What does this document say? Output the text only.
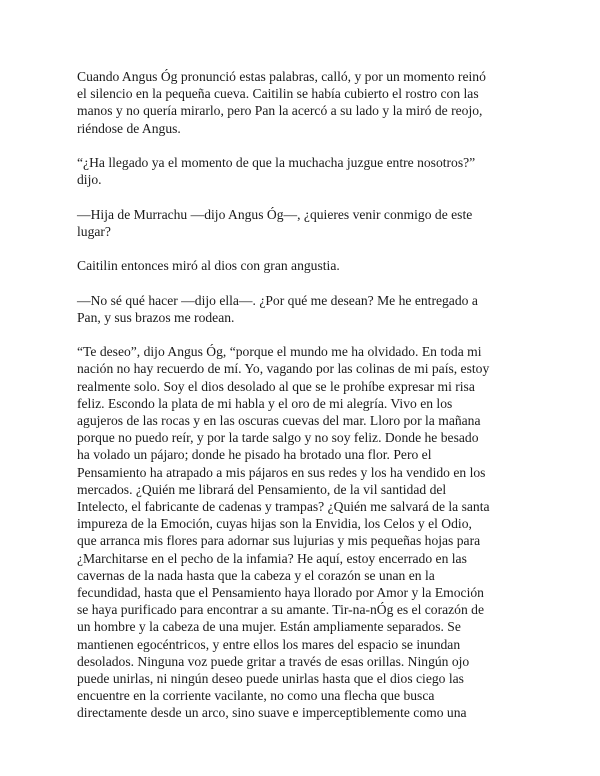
Cuando Angus Óg pronunció estas palabras, calló, y por un momento reinó
el silencio en la pequeña cueva. Caitilin se había cubierto el rostro con las
manos y no quería mirarlo, pero Pan la acercó a su lado y la miró de reojo,
riéndose de Angus.

“¿Ha llegado ya el momento de que la muchacha juzgue entre nosotros?”
dijo.

—Hija de Murrachu —dijo Angus Óg—, ¿quieres venir conmigo de este
lugar?

Caitilin entonces miró al dios con gran angustia.

—No sé qué hacer —dijo ella—. ¿Por qué me desean? Me he entregado a
Pan, y sus brazos me rodean.

“Te deseo”, dijo Angus Óg, “porque el mundo me ha olvidado. En toda mi
nación no hay recuerdo de mí. Yo, vagando por las colinas de mi país, estoy
realmente solo. Soy el dios desolado al que se le prohíbe expresar mi risa
feliz. Escondo la plata de mi habla y el oro de mi alegría. Vivo en los
agujeros de las rocas y en las oscuras cuevas del mar. Lloro por la mañana
porque no puedo reír, y por la tarde salgo y no soy feliz. Donde he besado
ha volado un pájaro; donde he pisado ha brotado una flor. Pero el
Pensamiento ha atrapado a mis pájaros en sus redes y los ha vendido en los
mercados. ¿Quién me librará del Pensamiento, de la vil santidad del
Intelecto, el fabricante de cadenas y trampas? ¿Quién me salvará de la santa
impureza de la Emoción, cuyas hijas son la Envidia, los Celos y el Odio,
que arranca mis flores para adornar sus lujurias y mis pequeñas hojas para
¿Marchitarse en el pecho de la infamia? He aquí, estoy encerrado en las
cavernas de la nada hasta que la cabeza y el corazón se unan en la
fecundidad, hasta que el Pensamiento haya llorado por Amor y la Emoción
se haya purificado para encontrar a su amante. Tir-na-nÓg es el corazón de
un hombre y la cabeza de una mujer. Están ampliamente separados. Se
mantienen egocéntricos, y entre ellos los mares del espacio se inundan
desolados. Ninguna voz puede gritar a través de esas orillas. Ningún ojo
puede unirlas, ni ningún deseo puede unirlas hasta que el dios ciego las
encuentre en la corriente vacilante, no como una flecha que busca
directamente desde un arco, sino suave e imperceptiblemente como una
